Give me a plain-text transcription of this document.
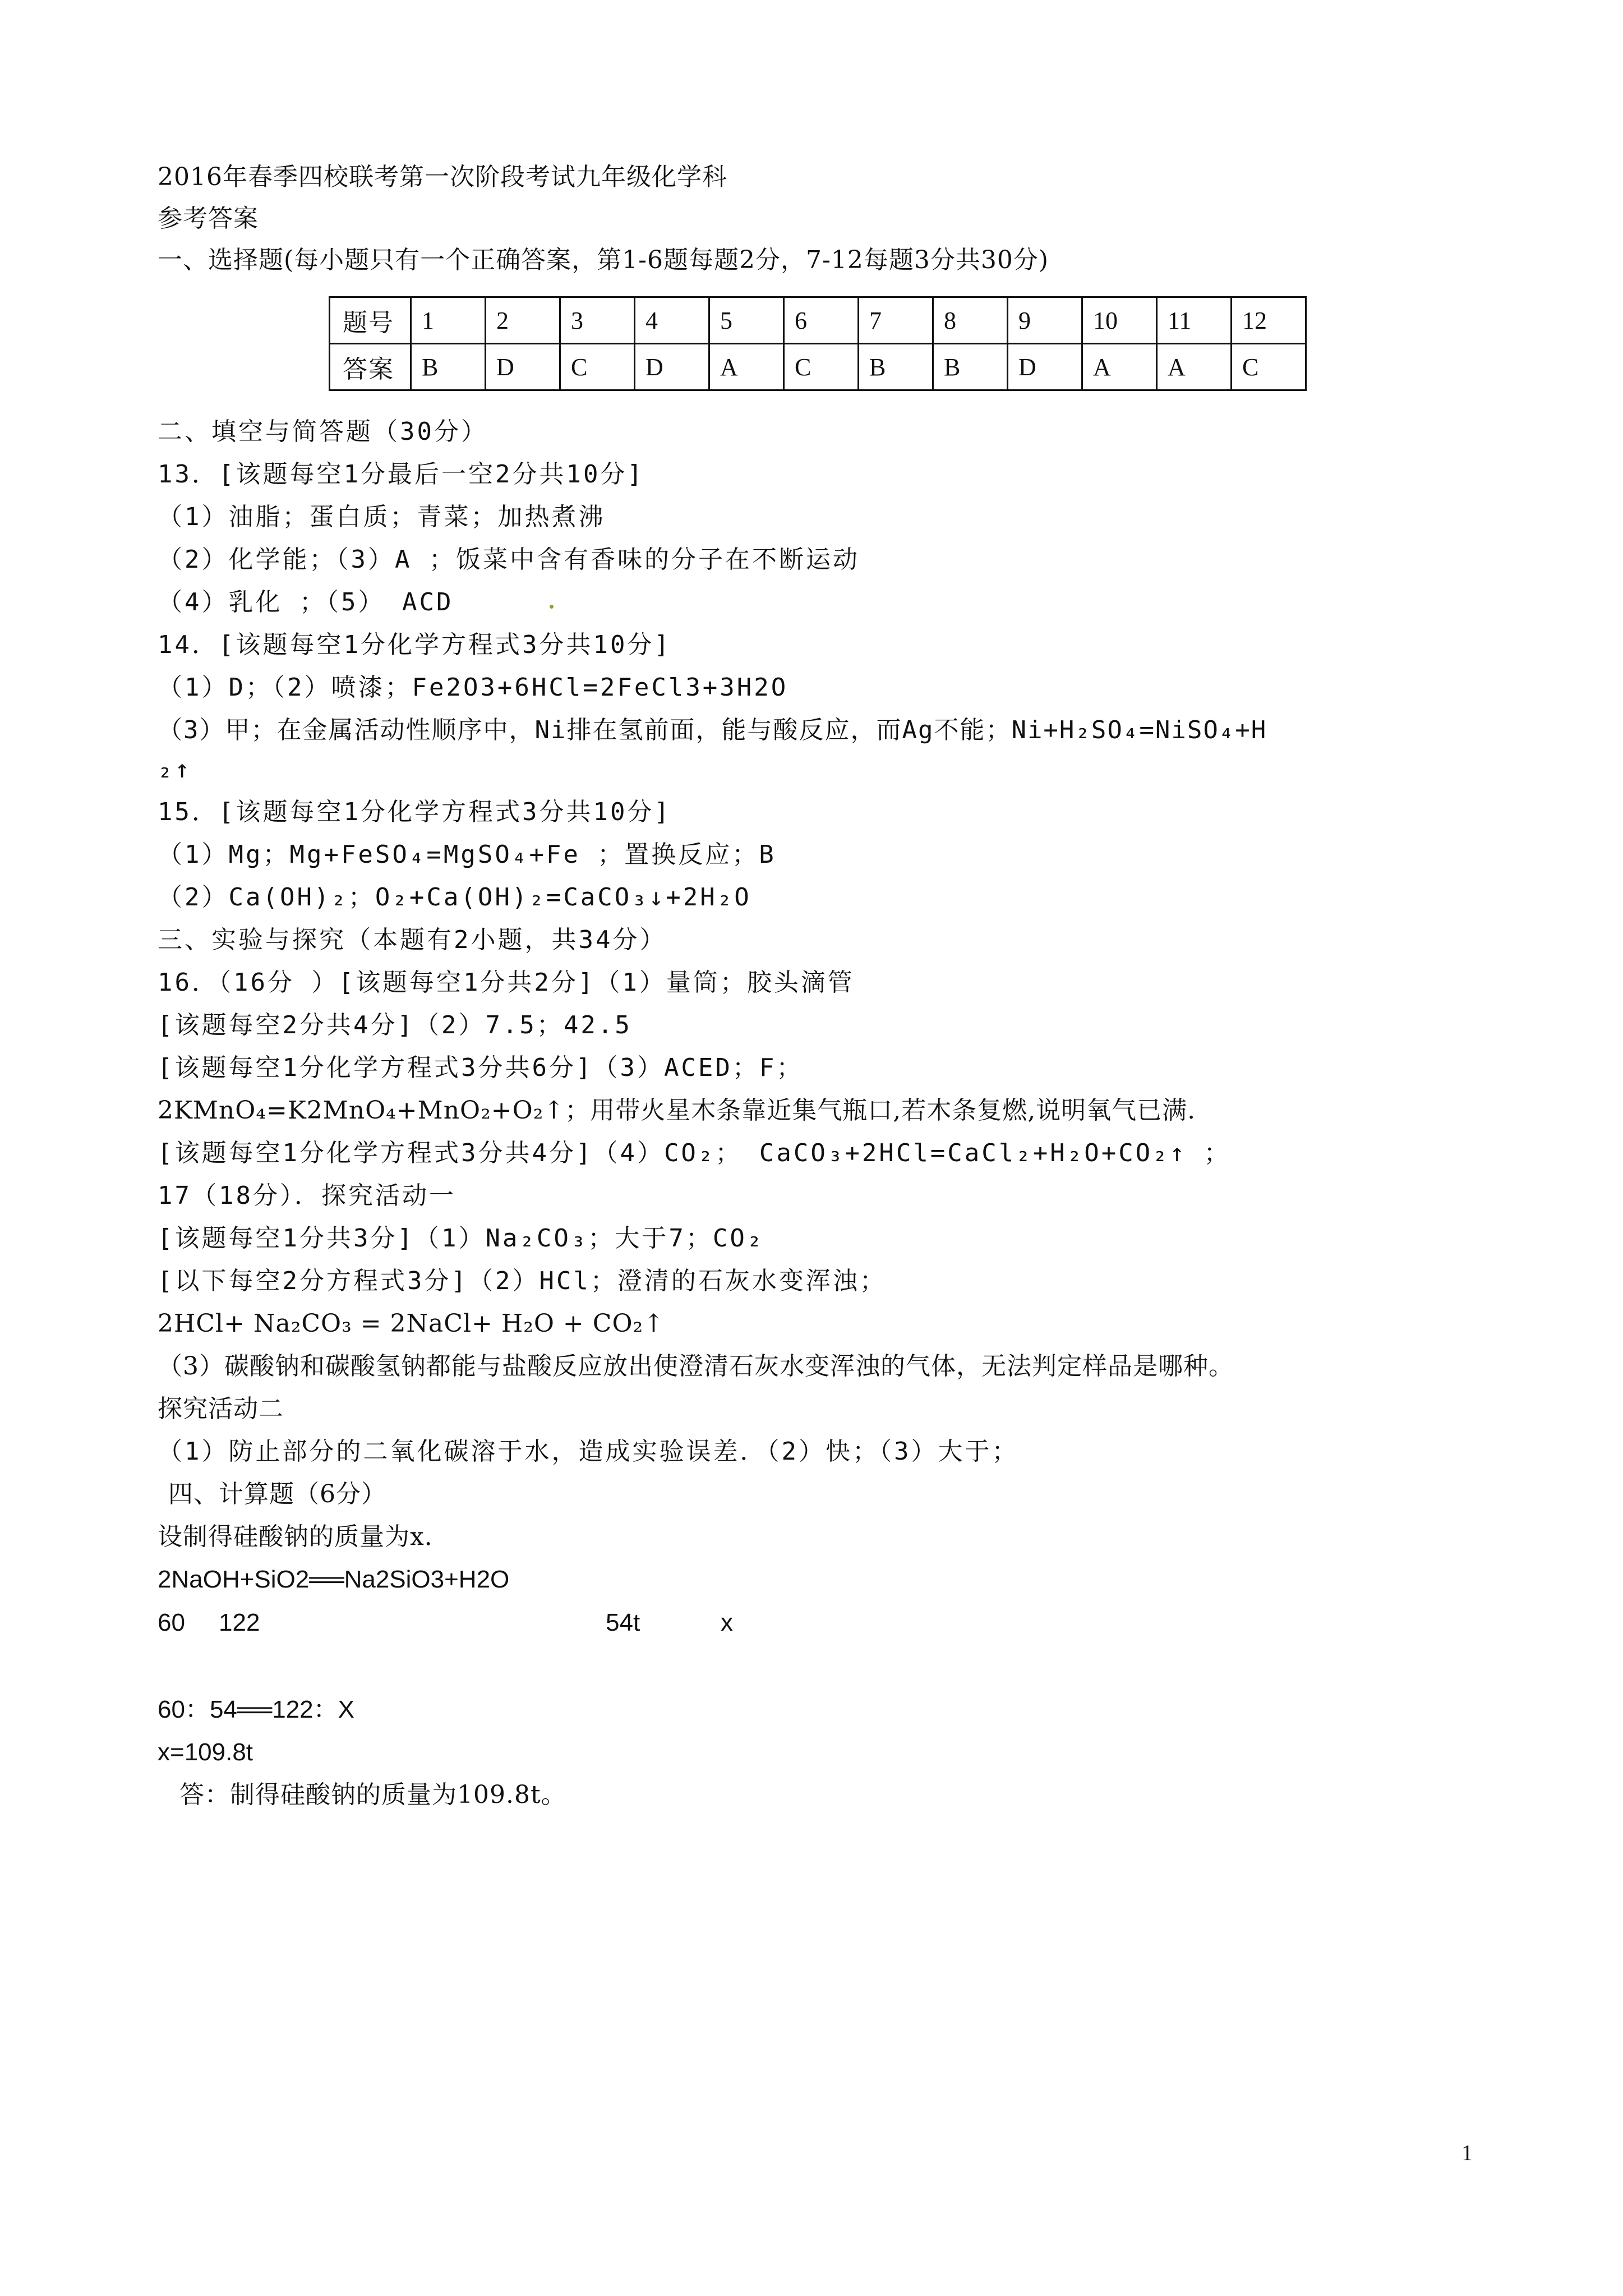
2016年春季四校联考第一次阶段考试九年级化学科
参考答案
一、选择题(每小题只有一个正确答案，第1-6题每题2分，7-12每题3分共30分)
题号	1	2	3	4	5	6	7	8	9	10	11	12
答案	B	D	C	D	A	C	B	B	D	A	A	C
二、填空与简答题（30分）
13．[该题每空1分最后一空2分共10分]
（1）油脂；蛋白质；青菜；加热煮沸
（2）化学能；（3）A ；饭菜中含有香味的分子在不断运动
（4）乳化 ；（5） ACD
14．[该题每空1分化学方程式3分共10分]
（1）D；（2）喷漆；Fe2O3+6HCl=2FeCl3+3H2O
（3）甲；在金属活动性顺序中，Ni排在氢前面，能与酸反应，而Ag不能；Ni+H₂SO₄=NiSO₄+H
₂↑
15．[该题每空1分化学方程式3分共10分]
（1）Mg；Mg+FeSO₄=MgSO₄+Fe ；置换反应；B
（2）Ca(OH)₂；O₂+Ca(OH)₂=CaCO₃↓+2H₂O
三、实验与探究（本题有2小题，共34分）
16．（16分 ）[该题每空1分共2分]（1）量筒；胶头滴管
[该题每空2分共4分]（2）7.5；42.5
[该题每空1分化学方程式3分共6分]（3）ACED；F；
2KMnO₄=K2MnO₄+MnO₂+O₂↑；用带火星木条靠近集气瓶口,若木条复燃,说明氧气已满.
[该题每空1分化学方程式3分共4分]（4）CO₂； CaCO₃+2HCl=CaCl₂+H₂O+CO₂↑ ；
17（18分）．探究活动一
[该题每空1分共3分]（1）Na₂CO₃；大于7；CO₂
[以下每空2分方程式3分]（2）HCl；澄清的石灰水变浑浊；
2HCl+ Na₂CO₃ = 2NaCl+ H₂O + CO₂↑
（3）碳酸钠和碳酸氢钠都能与盐酸反应放出使澄清石灰水变浑浊的气体，无法判定样品是哪种。
探究活动二
（1）防止部分的二氧化碳溶于水，造成实验误差．（2）快；（3）大于；
四、计算题（6分）
设制得硅酸钠的质量为x．
2NaOH+SiO2══Na2SiO3+H2O
60 122	54t	x
60：54══122：X
x=109.8t
答：制得硅酸钠的质量为109.8t。
1
